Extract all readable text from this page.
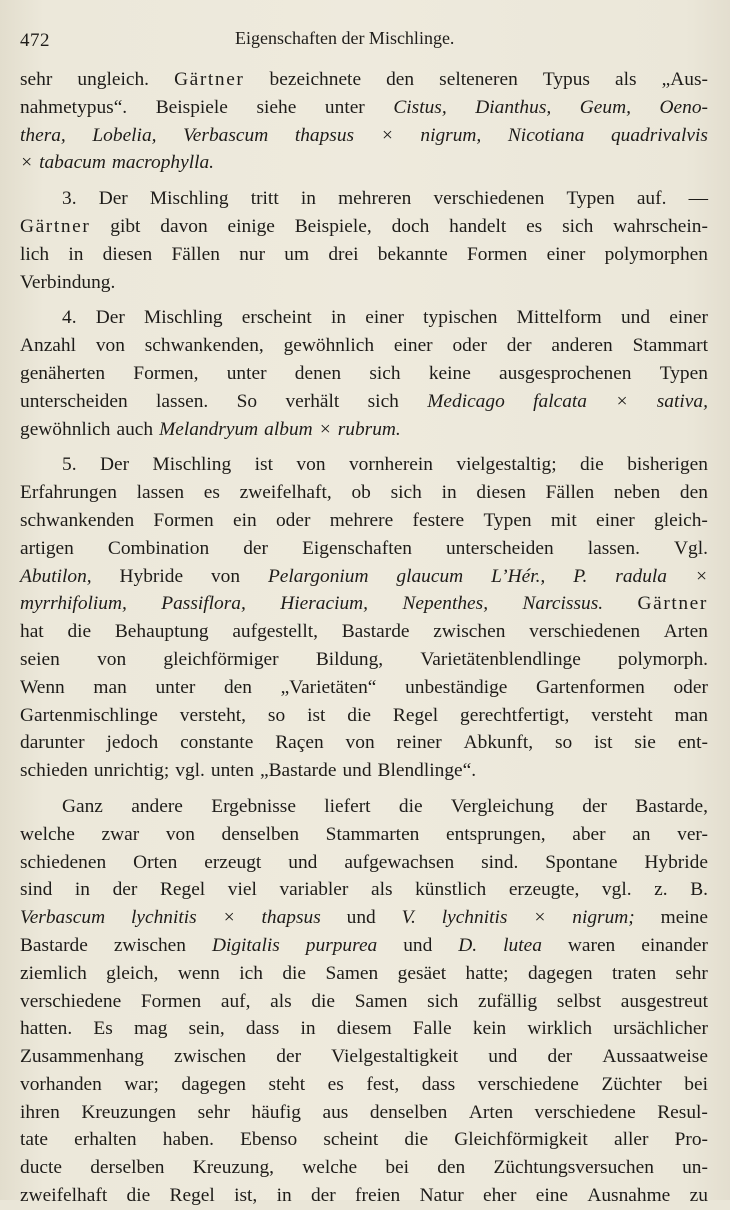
472	Eigenschaften der Mischlinge.
sehr ungleich. Gärtner bezeichnete den selteneren Typus als „Aus-
nahmetypus“. Beispiele siehe unter Cistus, Dianthus, Geum, Oeno-
thera, Lobelia, Verbascum thapsus × nigrum, Nicotiana quadrivalvis
× tabacum macrophylla.
3. Der Mischling tritt in mehreren verschiedenen Typen auf. —
Gärtner gibt davon einige Beispiele, doch handelt es sich wahrschein-
lich in diesen Fällen nur um drei bekannte Formen einer polymorphen
Verbindung.
4. Der Mischling erscheint in einer typischen Mittelform und einer
Anzahl von schwankenden, gewöhnlich einer oder der anderen Stammart
genäherten Formen, unter denen sich keine ausgesprochenen Typen
unterscheiden lassen. So verhält sich Medicago falcata × sativa,
gewöhnlich auch Melandryum album × rubrum.
5. Der Mischling ist von vornherein vielgestaltig; die bisherigen
Erfahrungen lassen es zweifelhaft, ob sich in diesen Fällen neben den
schwankenden Formen ein oder mehrere festere Typen mit einer gleich-
artigen Combination der Eigenschaften unterscheiden lassen. Vgl.
Abutilon, Hybride von Pelargonium glaucum L’Hér., P. radula ×
myrrhifolium, Passiflora, Hieracium, Nepenthes, Narcissus. Gärtner
hat die Behauptung aufgestellt, Bastarde zwischen verschiedenen Arten
seien von gleichförmiger Bildung, Varietätenblendlinge polymorph.
Wenn man unter den „Varietäten“ unbeständige Gartenformen oder
Gartenmischlinge versteht, so ist die Regel gerechtfertigt, versteht man
darunter jedoch constante Raçen von reiner Abkunft, so ist sie ent-
schieden unrichtig; vgl. unten „Bastarde und Blendlinge“.
Ganz andere Ergebnisse liefert die Vergleichung der Bastarde,
welche zwar von denselben Stammarten entsprungen, aber an ver-
schiedenen Orten erzeugt und aufgewachsen sind. Spontane Hybride
sind in der Regel viel variabler als künstlich erzeugte, vgl. z. B.
Verbascum lychnitis × thapsus und V. lychnitis × nigrum; meine
Bastarde zwischen Digitalis purpurea und D. lutea waren einander
ziemlich gleich, wenn ich die Samen gesäet hatte; dagegen traten sehr
verschiedene Formen auf, als die Samen sich zufällig selbst ausgestreut
hatten. Es mag sein, dass in diesem Falle kein wirklich ursächlicher
Zusammenhang zwischen der Vielgestaltigkeit und der Aussaatweise
vorhanden war; dagegen steht es fest, dass verschiedene Züchter bei
ihren Kreuzungen sehr häufig aus denselben Arten verschiedene Resul-
tate erhalten haben. Ebenso scheint die Gleichförmigkeit aller Pro-
ducte derselben Kreuzung, welche bei den Züchtungsversuchen un-
zweifelhaft die Regel ist, in der freien Natur eher eine Ausnahme zu
